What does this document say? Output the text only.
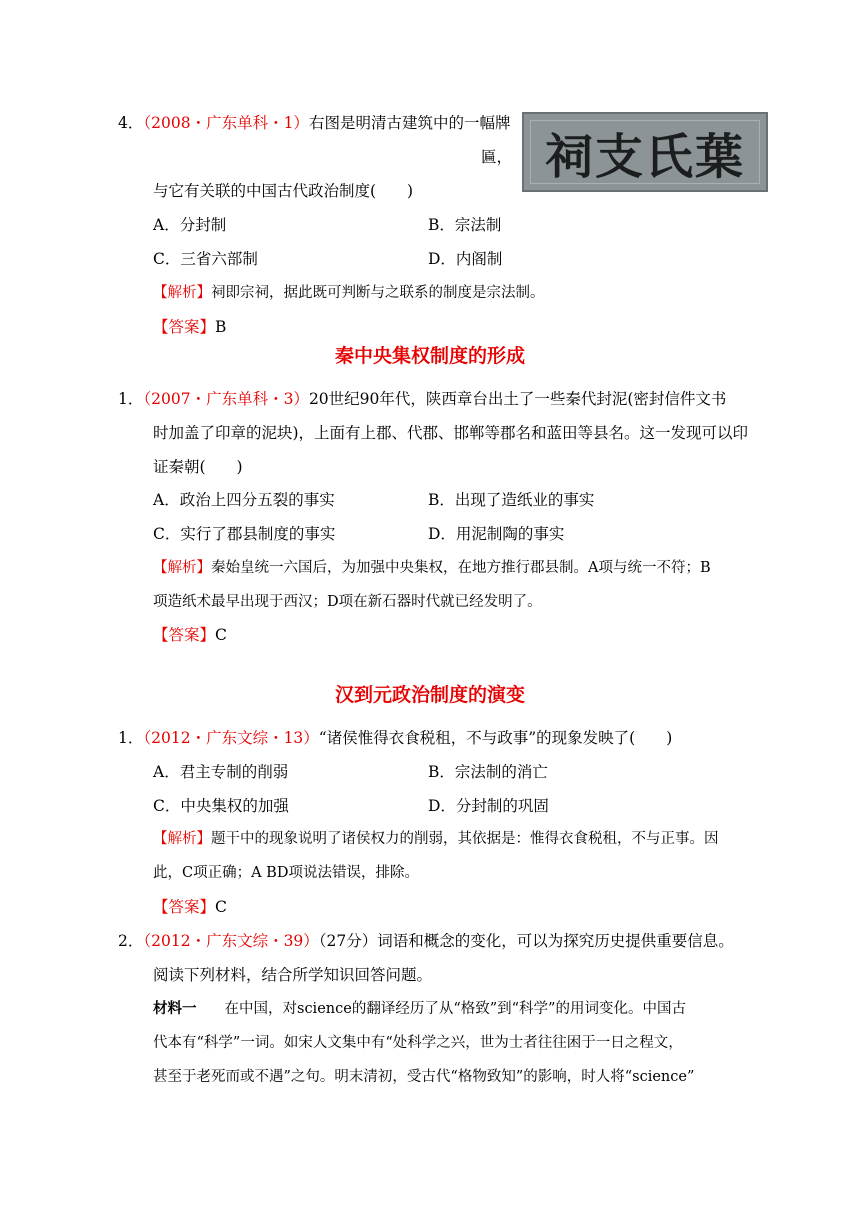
4．（2008・广东单科・1）右图是明清古建筑中的一幅牌
匾，
与它有关联的中国古代政治制度(　　)
祠支氏葉
A．分封制	B．宗法制
C．三省六部制	D．内阁制
【解析】祠即宗祠，据此既可判断与之联系的制度是宗法制。
【答案】B
秦中央集权制度的形成
1．（2007・广东单科・3）20世纪90年代，陕西章台出土了一些秦代封泥(密封信件文书
时加盖了印章的泥块)，上面有上郡、代郡、邯郸等郡名和蓝田等县名。这一发现可以印
证秦朝(　　)
A．政治上四分五裂的事实	B．出现了造纸业的事实
C．实行了郡县制度的事实	D．用泥制陶的事实
【解析】秦始皇统一六国后，为加强中央集权，在地方推行郡县制。A项与统一不符；B
项造纸术最早出现于西汉；D项在新石器时代就已经发明了。
【答案】C
汉到元政治制度的演变
1．（2012・广东文综・13）“诸侯惟得衣食税租，不与政事”的现象发映了(　　)
A．君主专制的削弱	B．宗法制的消亡
C．中央集权的加强	D．分封制的巩固
【解析】题干中的现象说明了诸侯权力的削弱，其依据是：惟得衣食税租，不与正事。因
此，C项正确；A BD项说法错误，排除。
【答案】C
2．（2012・广东文综・39）（27分）词语和概念的变化，可以为探究历史提供重要信息。
阅读下列材料，结合所学知识回答问题。
材料一 在中国，对science的翻译经历了从“格致”到“科学”的用词变化。中国古
代本有“科学”一词。如宋人文集中有“处科学之兴，世为士者往往困于一日之程文，
甚至于老死而或不遇”之句。明末清初，受古代“格物致知”的影响，时人将“science”
